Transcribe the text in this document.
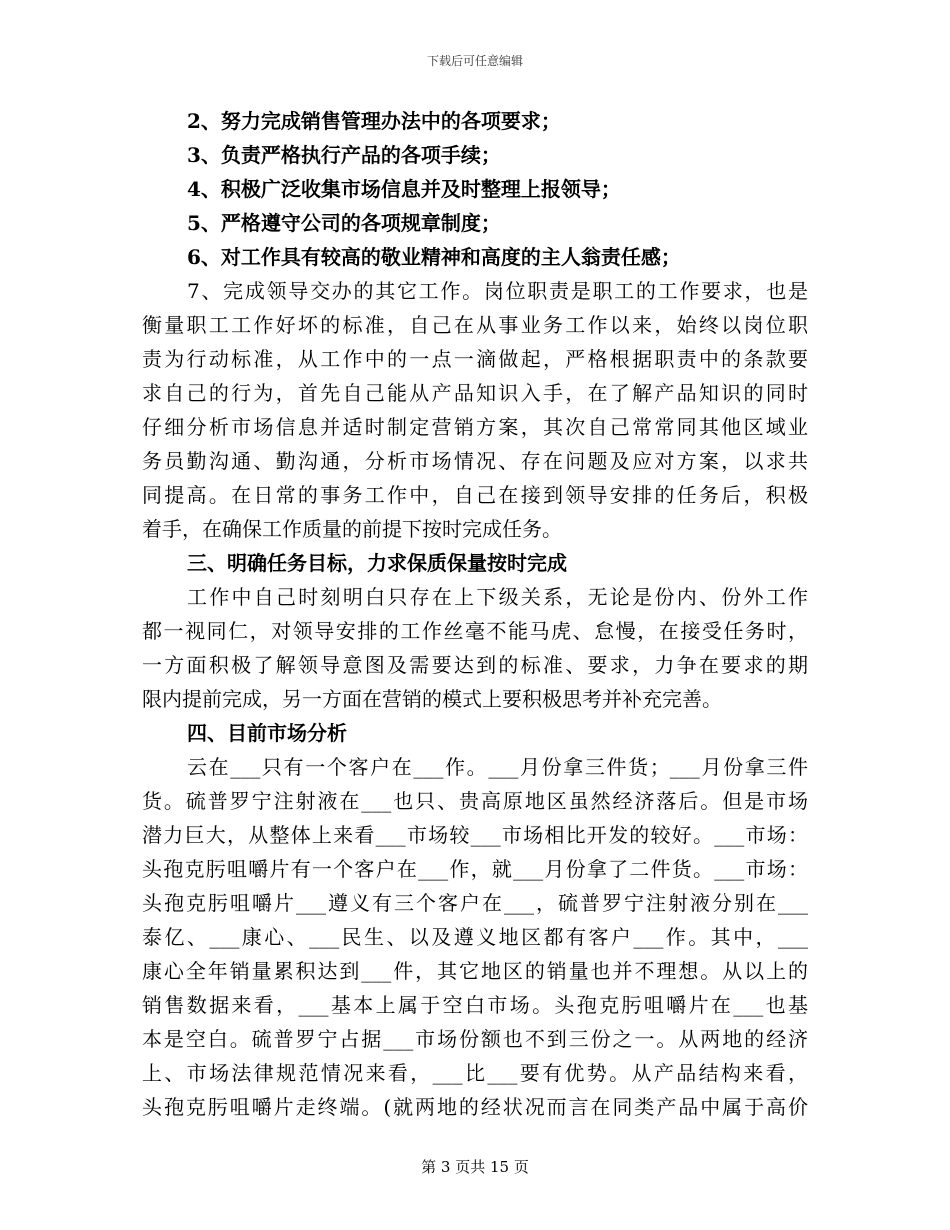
下载后可任意编辑
2、努力完成销售管理办法中的各项要求；
3、负责严格执行产品的各项手续；
4、积极广泛收集市场信息并及时整理上报领导；
5、严格遵守公司的各项规章制度；
6、对工作具有较高的敬业精神和高度的主人翁责任感；
7、完成领导交办的其它工作。岗位职责是职工的工作要求，也是
衡量职工工作好坏的标准，自己在从事业务工作以来，始终以岗位职
责为行动标准，从工作中的一点一滴做起，严格根据职责中的条款要
求自己的行为，首先自己能从产品知识入手，在了解产品知识的同时
仔细分析市场信息并适时制定营销方案，其次自己常常同其他区域业
务员勤沟通、勤沟通，分析市场情况、存在问题及应对方案，以求共
同提高。在日常的事务工作中，自己在接到领导安排的任务后，积极
着手，在确保工作质量的前提下按时完成任务。
三、明确任务目标，力求保质保量按时完成
工作中自己时刻明白只存在上下级关系，无论是份内、份外工作
都一视同仁，对领导安排的工作丝毫不能马虎、怠慢，在接受任务时，
一方面积极了解领导意图及需要达到的标准、要求，力争在要求的期
限内提前完成，另一方面在营销的模式上要积极思考并补充完善。
四、目前市场分析
云在___只有一个客户在___作。___月份拿三件货；___月份拿三件
货。硫普罗宁注射液在___也只、贵高原地区虽然经济落后。但是市场
潜力巨大，从整体上来看___市场较___市场相比开发的较好。___市场：
头孢克肟咀嚼片有一个客户在___作，就___月份拿了二件货。___市场：
头孢克肟咀嚼片___遵义有三个客户在___，硫普罗宁注射液分别在___
泰亿、___康心、___民生、以及遵义地区都有客户___作。其中，___
康心全年销量累积达到___件，其它地区的销量也并不理想。从以上的
销售数据来看，___基本上属于空白市场。头孢克肟咀嚼片在___也基
本是空白。硫普罗宁占据___市场份额也不到三份之一。从两地的经济
上、市场法律规范情况来看，___比___要有优势。从产品结构来看，
头孢克肟咀嚼片走终端。(就两地的经状况而言在同类产品中属于高价
第 3 页共 15 页
